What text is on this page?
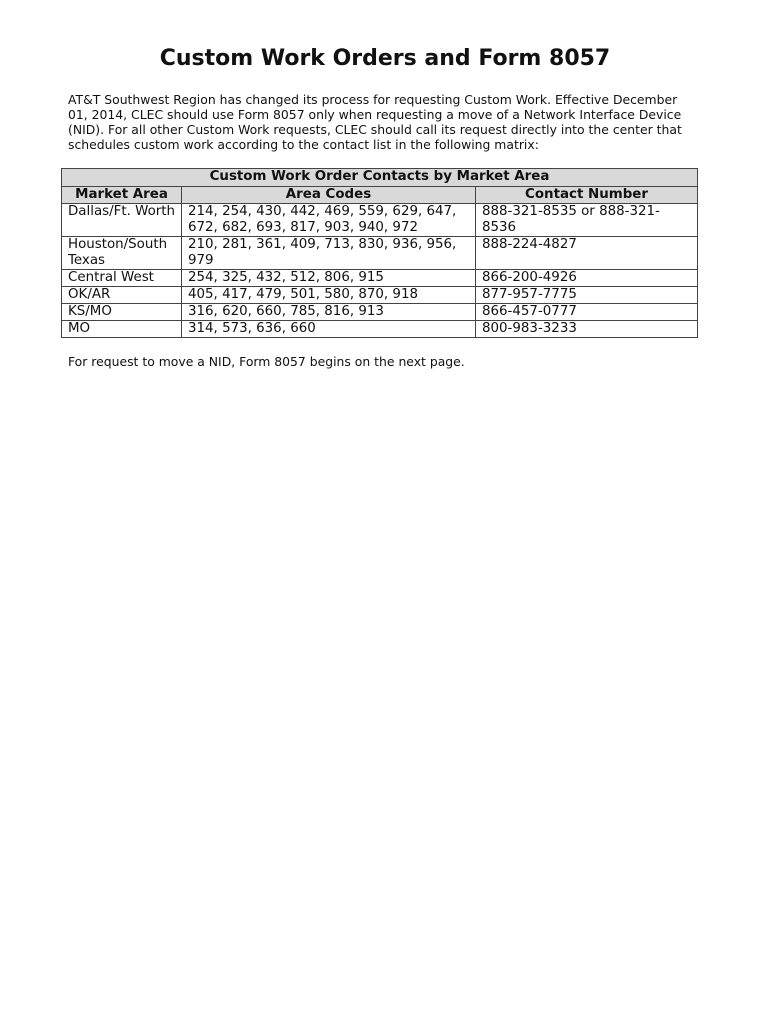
Custom Work Orders and Form 8057

AT&T Southwest Region has changed its process for requesting Custom Work. Effective December 01, 2014, CLEC should use Form 8057 only when requesting a move of a Network Interface Device (NID). For all other Custom Work requests, CLEC should call its request directly into the center that schedules custom work according to the contact list in the following matrix:

Custom Work Order Contacts by Market Area		
Market Area	Area Codes	Contact Number
Dallas/Ft. Worth	214, 254, 430, 442, 469, 559, 629, 647, 672, 682, 693, 817, 903, 940, 972	888-321-8535 or 888-321-8536
Houston/South Texas	210, 281, 361, 409, 713, 830, 936, 956, 979	888-224-4827
Central West	254, 325, 432, 512, 806, 915	866-200-4926
OK/AR	405, 417, 479, 501, 580, 870, 918	877-957-7775
KS/MO	316, 620, 660, 785, 816, 913	866-457-0777
MO	314, 573, 636, 660	800-983-3233

For request to move a NID, Form 8057 begins on the next page.
